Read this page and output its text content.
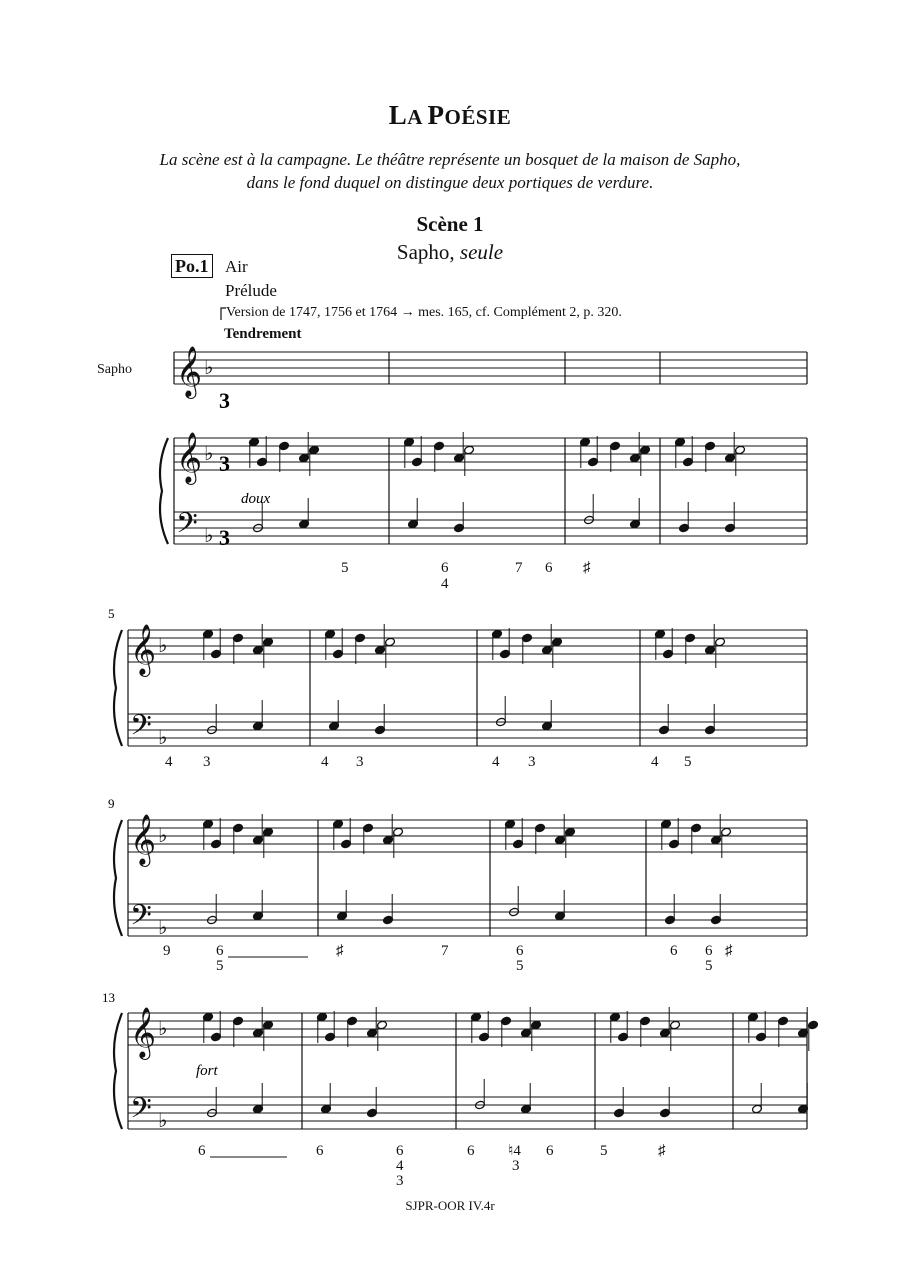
LA POÉSIE
La scène est à la campagne. Le théâtre représente un bosquet de la maison de Sapho,
dans le fond duquel on distingue deux portiques de verdure.
Scène 1
Sapho, seule
Po.1 Air
Prélude
Version de 1747, 1756 et 1764 → mes. 165, cf. Complément 2, p. 320.
Tendrement
Sapho 𝄞 ♭
𝄞 ♭
𝄢 ♭
𝄞 ♭
𝄢 ♭
𝄞 ♭
𝄢 ♭
𝄞 ♭
𝄢 ♭
5
9
13
doux
fort
3
3
3
5	6
4
7 6 ♯
4 3	4 3	4 3	4 5
9	6
5
♯	7	6
5
6 6
5
♯
6	6	6
4
3
6 ♮4
3
6	5	♯
SJPR-OOR IV.4r
